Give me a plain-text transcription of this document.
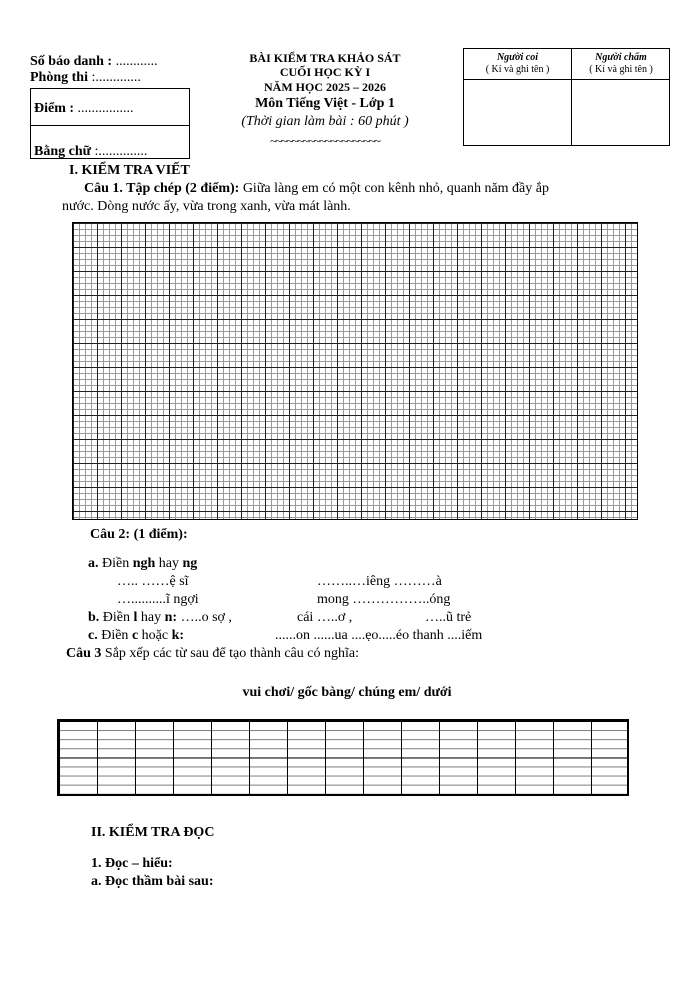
Số báo danh : ............
Phòng thi :.............
Điểm : ................
Bằng chữ :..............
BÀI KIỂM TRA KHẢO SÁT
CUỐI HỌC KỲ I
NĂM HỌC 2025 – 2026
Môn Tiếng Việt - Lớp 1
(Thời gian làm bài : 60 phút )
~~~~~~~~~~~~~~~~~~~~
Người coi
( Kí và ghi tên )
Người chấm
( Kí và ghi tên )
I. KIỂM TRA VIẾT
Câu 1. Tập chép (2 điểm): Giữa làng em có một con kênh nhỏ, quanh năm đầy ắp
nước. Dòng nước ấy, vừa trong xanh, vừa mát lành.
Câu 2: (1 điểm):
a. Điền ngh hay ng
….. ……ệ sĩ	……..…iêng ………à
…..........ĩ ngợi	mong ……………..óng
b. Điền l hay n: …..o sợ ,	cái …..ơ ,	…..ũ trẻ
c. Điền c hoặc k:	......on ......ua ....ẹo.....éo thanh ....iếm
Câu 3 Sắp xếp các từ sau để tạo thành câu có nghĩa:
vui chơi/ gốc bàng/ chúng em/ dưới
II. KIỂM TRA ĐỌC
1. Đọc – hiểu:
a. Đọc thầm bài sau:
